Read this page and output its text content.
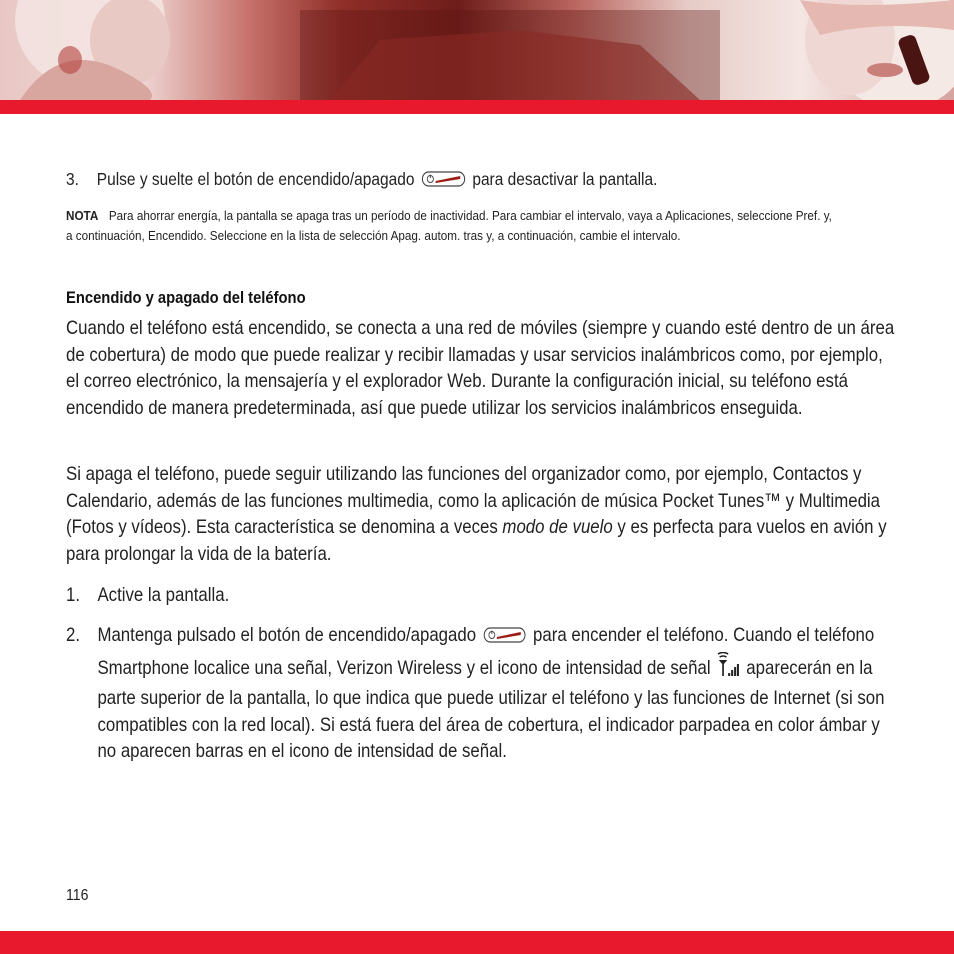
3. Pulse y suelte el botón de encendido/apagado	para desactivar la pantalla.
NOTA Para ahorrar energía, la pantalla se apaga tras un período de inactividad. Para cambiar el intervalo, vaya a Aplicaciones, seleccione Pref. y, a continuación, Encendido. Seleccione en la lista de selección Apag. autom. tras y, a continuación, cambie el intervalo.
Encendido y apagado del teléfono
Cuando el teléfono está encendido, se conecta a una red de móviles (siempre y cuando esté dentro de un área de cobertura) de modo que puede realizar y recibir llamadas y usar servicios inalámbricos como, por ejemplo, el correo electrónico, la mensajería y el explorador Web. Durante la configuración inicial, su teléfono está encendido de manera predeterminada, así que puede utilizar los servicios inalámbricos enseguida.
Si apaga el teléfono, puede seguir utilizando las funciones del organizador como, por ejemplo, Contactos y Calendario, además de las funciones multimedia, como la aplicación de música Pocket Tunes™ y Multimedia (Fotos y vídeos). Esta característica se denomina a veces modo de vuelo y es perfecta para vuelos en avión y para prolongar la vida de la batería.
1. Active la pantalla.
2. Mantenga pulsado el botón de encendido/apagado	para encender el teléfono. Cuando el teléfono Smartphone localice una señal, Verizon Wireless y el icono de intensidad de señal aparecerán en la parte superior de la pantalla, lo que indica que puede utilizar el teléfono y las funciones de Internet (si son compatibles con la red local). Si está fuera del área de cobertura, el indicador parpadea en color ámbar y no aparecen barras en el icono de intensidad de señal.
116
